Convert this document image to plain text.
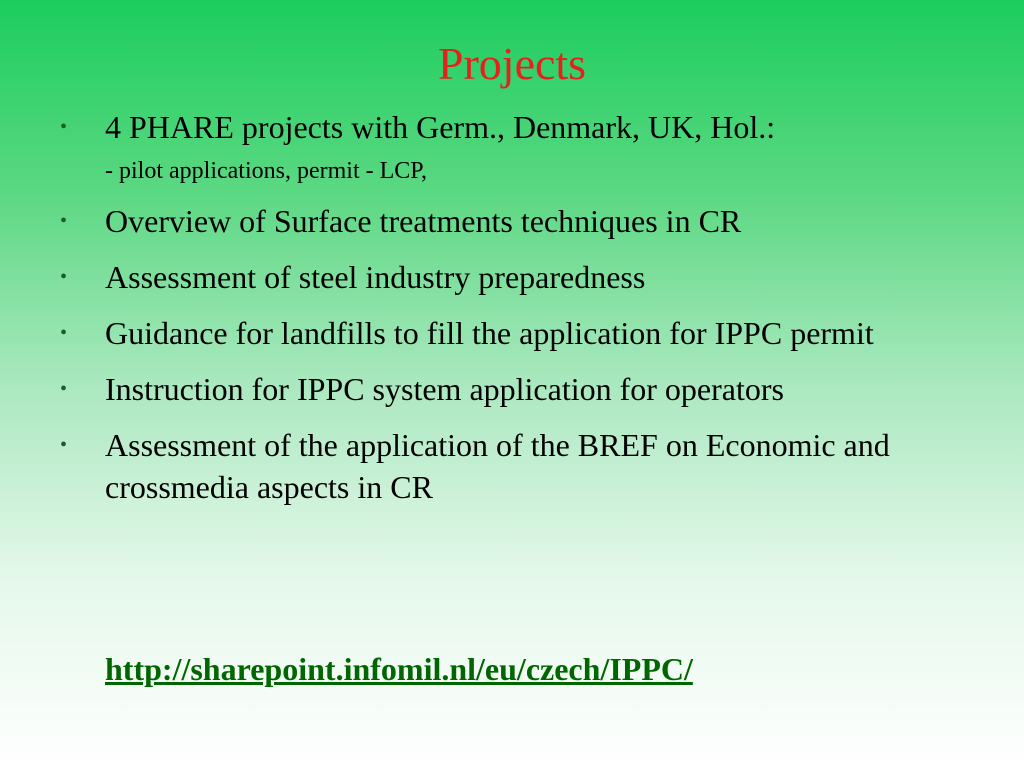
Projects
• 4 PHARE projects with Germ., Denmark, UK, Hol.:
- pilot applications, permit - LCP,
• Overview of Surface treatments techniques in CR
• Assessment of steel industry preparedness
• Guidance for landfills to fill the application for IPPC permit
• Instruction for IPPC system application for operators
• Assessment of the application of the BREF on Economic and crossmedia aspects in CR
http://sharepoint.infomil.nl/eu/czech/IPPC/
